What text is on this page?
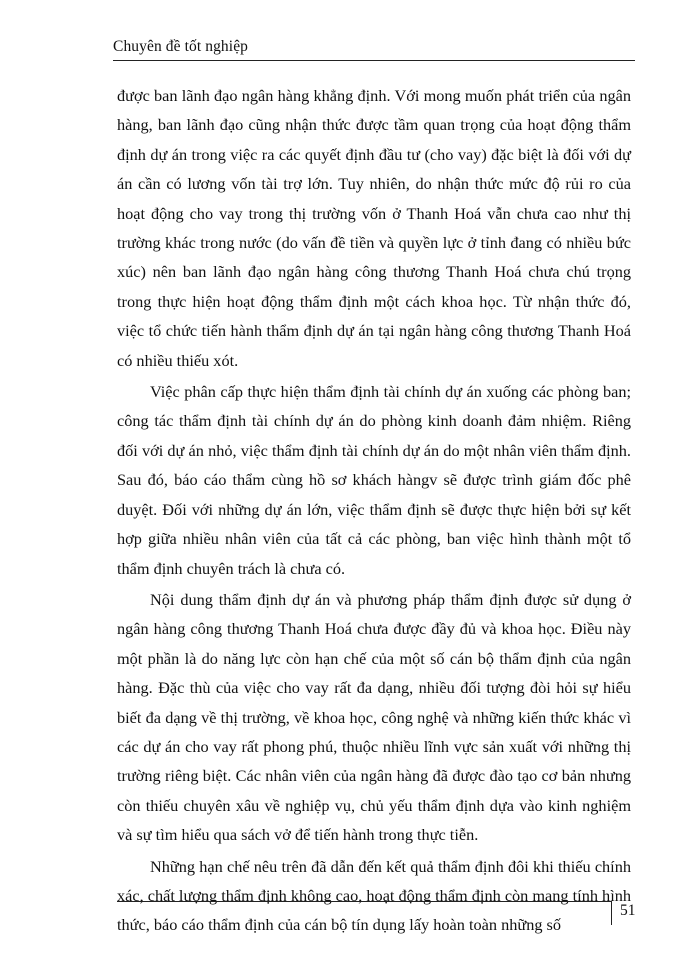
Chuyên đề tốt nghiệp

được ban lãnh đạo ngân hàng khẳng định. Với mong muốn phát triển của ngân hàng, ban lãnh đạo cũng nhận thức được tầm quan trọng của hoạt động thẩm định dự án trong việc ra các quyết định đầu tư (cho vay) đặc biệt là đối với dự án cần có lương vốn tài trợ lớn. Tuy nhiên, do nhận thức mức độ rủi ro của hoạt động cho vay trong thị trường vốn ở Thanh Hoá vẫn chưa cao như thị trường khác trong nước (do vấn đề tiền và quyền lực ở tỉnh đang có nhiều bức xúc) nên ban lãnh đạo ngân hàng công thương Thanh Hoá chưa chú trọng trong thực hiện hoạt động thẩm định một cách khoa học. Từ nhận thức đó, việc tổ chức tiến hành thẩm định dự án tại ngân hàng công thương Thanh Hoá có nhiều thiếu xót.

Việc phân cấp thực hiện thẩm định tài chính dự án xuống các phòng ban; công tác thẩm định tài chính dự án do phòng kinh doanh đảm nhiệm. Riêng đối với dự án nhỏ, việc thẩm định tài chính dự án do một nhân viên thẩm định. Sau đó, báo cáo thẩm cùng hồ sơ khách hàngv sẽ được trình giám đốc phê duyệt. Đối với những dự án lớn, việc thẩm định sẽ được thực hiện bởi sự kết hợp giữa nhiều nhân viên của tất cả các phòng, ban việc hình thành một tổ thẩm định chuyên trách là chưa có.

Nội dung thẩm định dự án và phương pháp thẩm định được sử dụng ở ngân hàng công thương Thanh Hoá chưa được đầy đủ và khoa học. Điều này một phần là do năng lực còn hạn chế của một số cán bộ thẩm định của ngân hàng. Đặc thù của việc cho vay rất đa dạng, nhiều đối tượng đòi hỏi sự hiểu biết đa dạng về thị trường, về khoa học, công nghệ và những kiến thức khác vì các dự án cho vay rất phong phú, thuộc nhiều lĩnh vực sản xuất với những thị trường riêng biệt. Các nhân viên của ngân hàng đã được đào tạo cơ bản nhưng còn thiếu chuyên xâu về nghiệp vụ, chủ yếu thẩm định dựa vào kinh nghiệm và sự tìm hiểu qua sách vở để tiến hành trong thực tiễn.

Những hạn chế nêu trên đã dẫn đến kết quả thẩm định đôi khi thiếu chính xác, chất lượng thẩm định không cao, hoạt động thẩm định còn mang tính hình thức, báo cáo thẩm định của cán bộ tín dụng lấy hoàn toàn những số

51
